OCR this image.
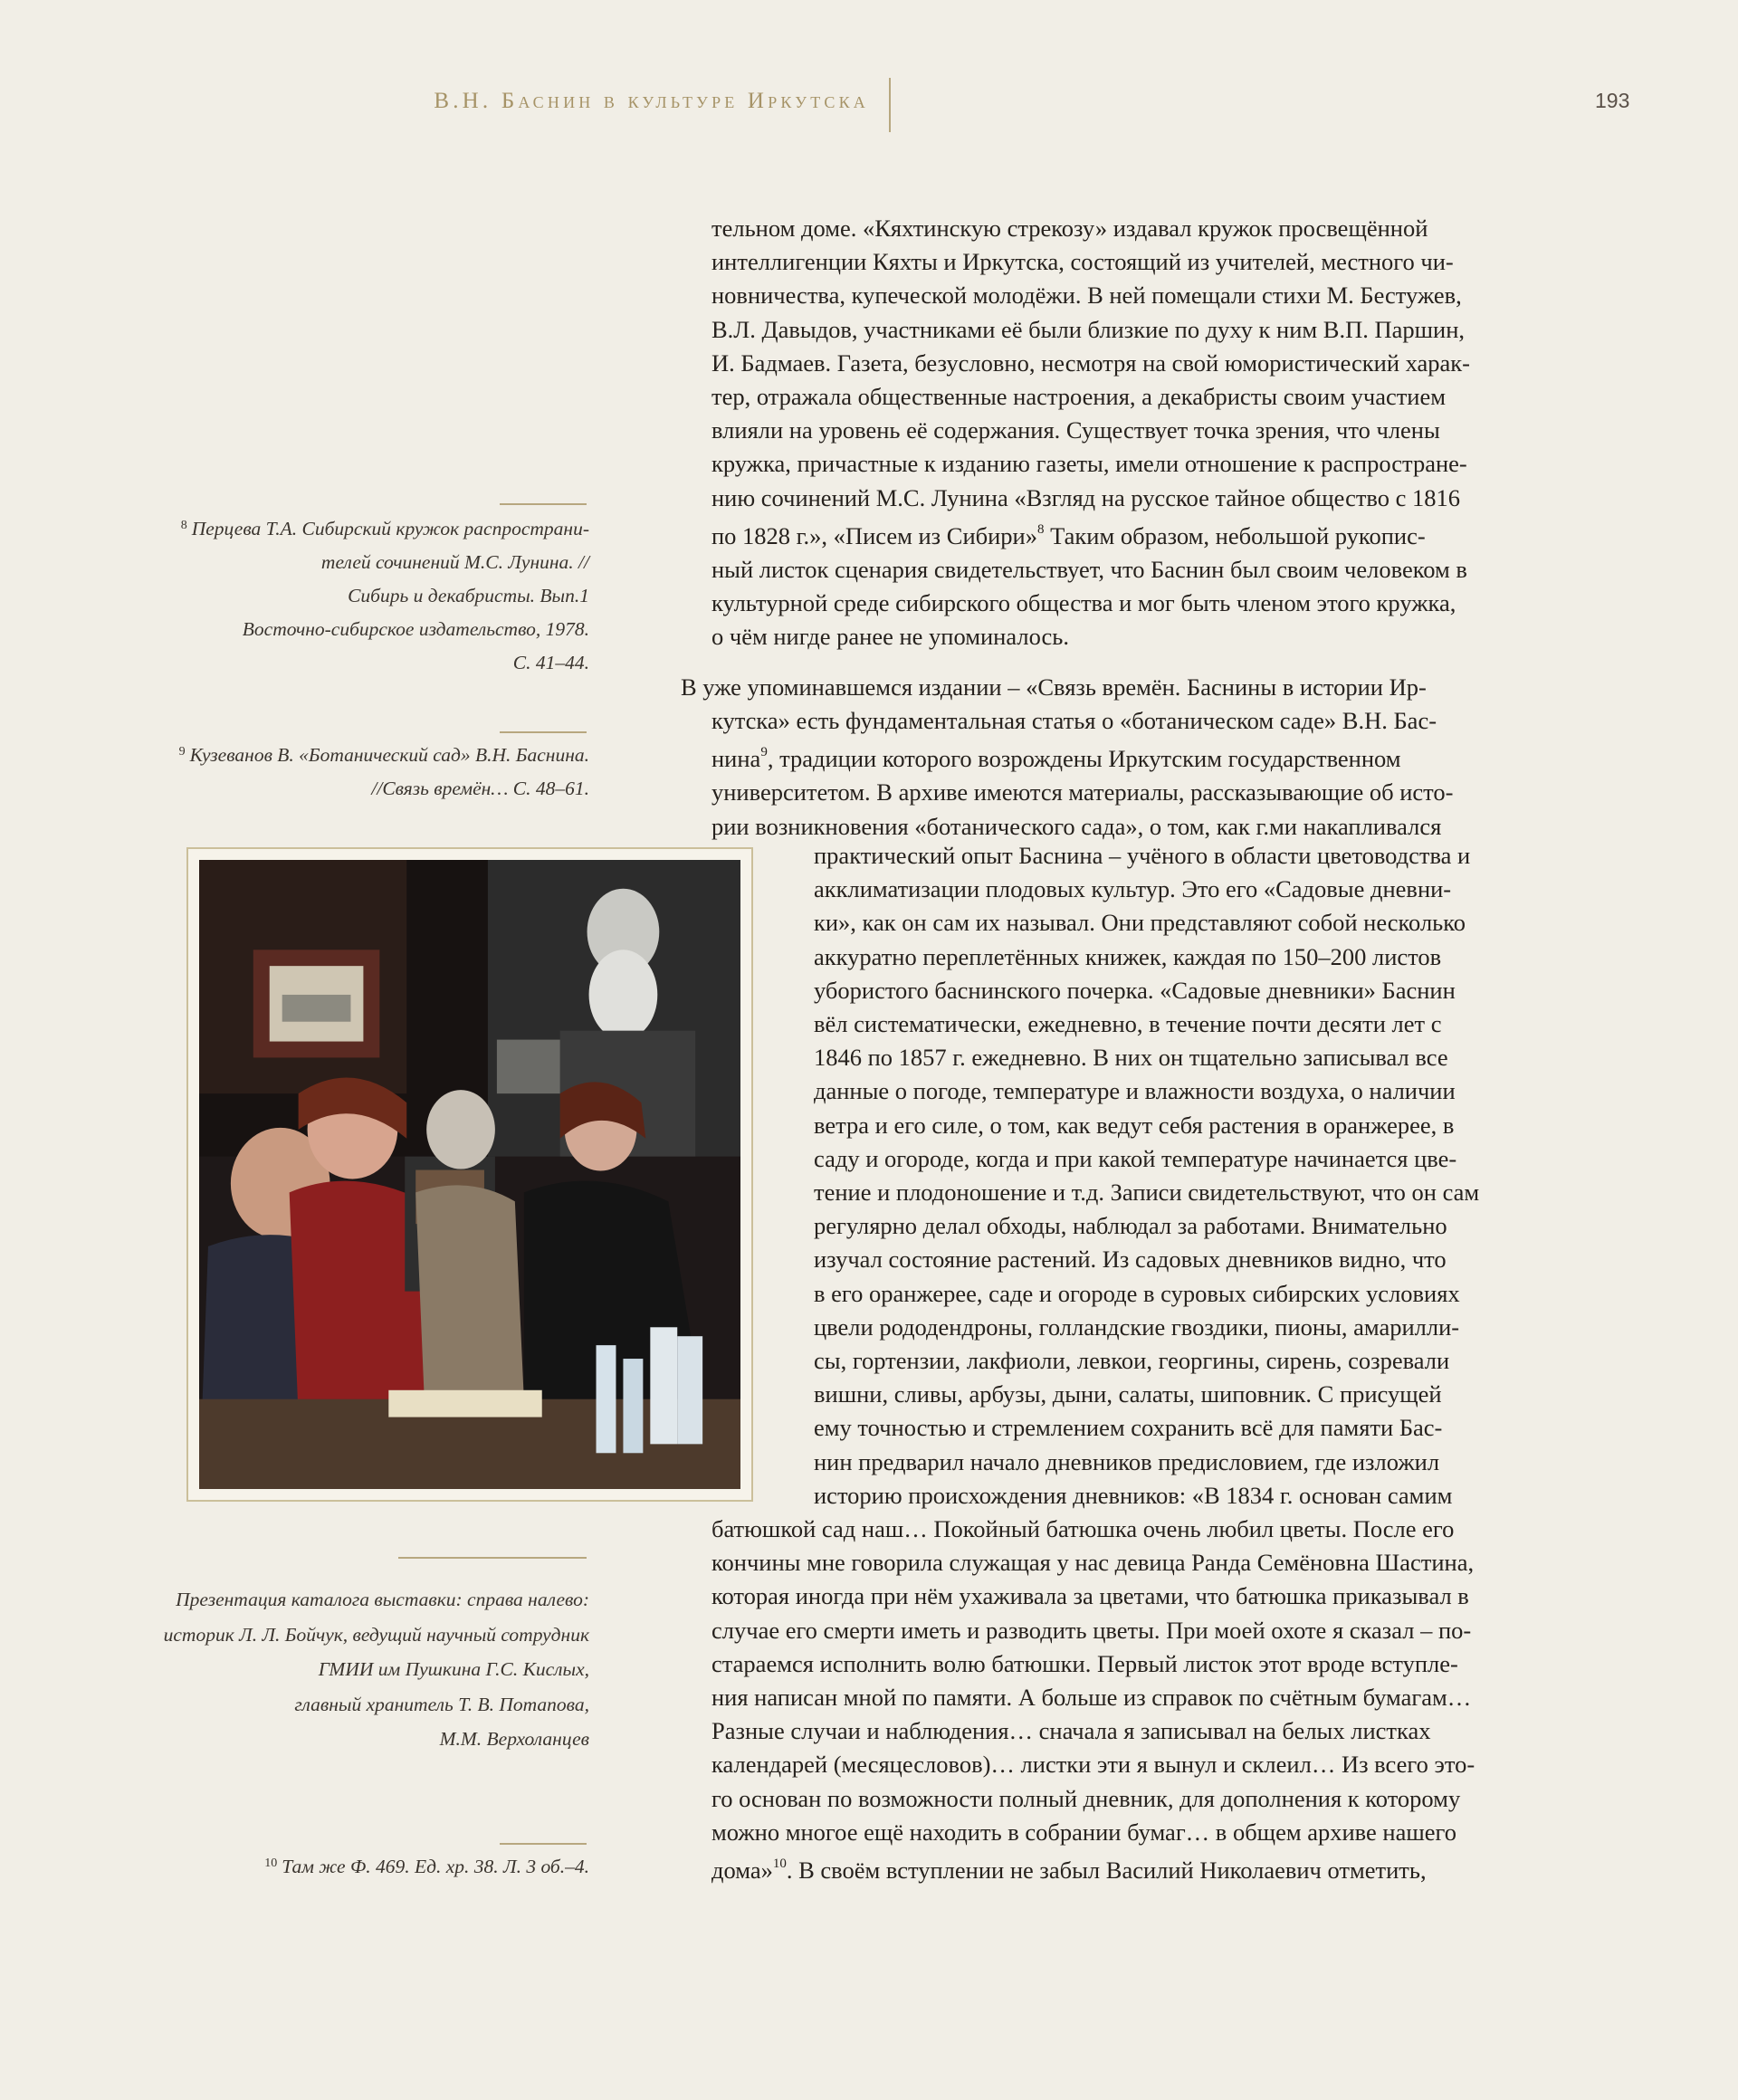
В.Н. Баснин в культуре Иркутска	193
$^8$ Перцева Т.А. Сибирский кружок распространи-
телей сочинений М.С. Лунина. //
Сибирь и декабристы. Вып.1
Восточно-сибирское издательство, 1978.
С. 41–44.
$^9$ Кузеванов В. «Ботанический сад» В.Н. Баснина.
//Связь времён… С. 48–61.
Презентация каталога выставки: справа налево:
историк Л. Л. Бойчук, ведущий научный сотрудник
ГМИИ им Пушкина Г.С. Кислых,
главный хранитель Т. В. Потапова,
М.М. Верхоланцев
$^{10}$ Там же Ф. 469. Ед. хр. 38. Л. 3 об.–4.
тельном доме. «Кяхтинскую стрекозу» издавал кружок просвещённой
интеллигенции Кяхты и Иркутска, состоящий из учителей, местного чи-
новничества, купеческой молодёжи. В ней помещали стихи М. Бестужев,
В.Л. Давыдов, участниками её были близкие по духу к ним В.П. Паршин,
И. Бадмаев. Газета, безусловно, несмотря на свой юмористический харак-
тер, отражала общественные настроения, а декабристы своим участием
влияли на уровень её содержания. Существует точка зрения, что члены
кружка, причастные к изданию газеты, имели отношение к распростране-
нию сочинений М.С. Лунина «Взгляд на русское тайное общество с 1816
по 1828 г.», «Писем из Сибири»$^8$ Таким образом, небольшой рукопис-
ный листок сценария свидетельствует, что Баснин был своим человеком в
культурной среде сибирского общества и мог быть членом этого кружка,
о чём нигде ранее не упоминалось.
В уже упоминавшемся издании – «Связь времён. Баснины в истории Ир-
кутска» есть фундаментальная статья о «ботаническом саде» В.Н. Бас-
нина$^9$, традиции которого возрождены Иркутским государственном
университетом. В архиве имеются материалы, рассказывающие об исто-
рии возникновения «ботанического сада», о том, как г.ми накапливался
практический опыт Баснина – учёного в области цветоводства и
акклиматизации плодовых культур. Это его «Садовые дневни-
ки», как он сам их называл. Они представляют собой несколько
аккуратно переплетённых книжек, каждая по 150–200 листов
убористого баснинского почерка. «Садовые дневники» Баснин
вёл систематически, ежедневно, в течение почти десяти лет с
1846 по 1857 г. ежедневно. В них он тщательно записывал все
данные о погоде, температуре и влажности воздуха, о наличии
ветра и его силе, о том, как ведут себя растения в оранжерее, в
саду и огороде, когда и при какой температуре начинается цве-
тение и плодоношение и т.д. Записи свидетельствуют, что он сам
регулярно делал обходы, наблюдал за работами. Внимательно
изучал состояние растений. Из садовых дневников видно, что
в его оранжерее, саде и огороде в суровых сибирских условиях
цвели рододендроны, голландские гвоздики, пионы, амарилли-
сы, гортензии, лакфиоли, левкои, георгины, сирень, созревали
вишни, сливы, арбузы, дыни, салаты, шиповник. С присущей
ему точностью и стремлением сохранить всё для памяти Бас-
нин предварил начало дневников предисловием, где изложил
историю происхождения дневников: «В 1834 г. основан самим
батюшкой сад наш… Покойный батюшка очень любил цветы. После его
кончины мне говорила служащая у нас девица Ранда Семёновна Шастина,
которая иногда при нём ухаживала за цветами, что батюшка приказывал в
случае его смерти иметь и разводить цветы. При моей охоте я сказал – по-
стараемся исполнить волю батюшки. Первый листок этот вроде вступле-
ния написан мной по памяти. А больше из справок по счётным бумагам…
Разные случаи и наблюдения… сначала я записывал на белых листках
календарей (месяцесловов)… листки эти я вынул и склеил… Из всего это-
го основан по возможности полный дневник, для дополнения к которому
можно многое ещё находить в собрании бумаг… в общем архиве нашего
дома»$^{10}$. В своём вступлении не забыл Василий Николаевич отметить,
